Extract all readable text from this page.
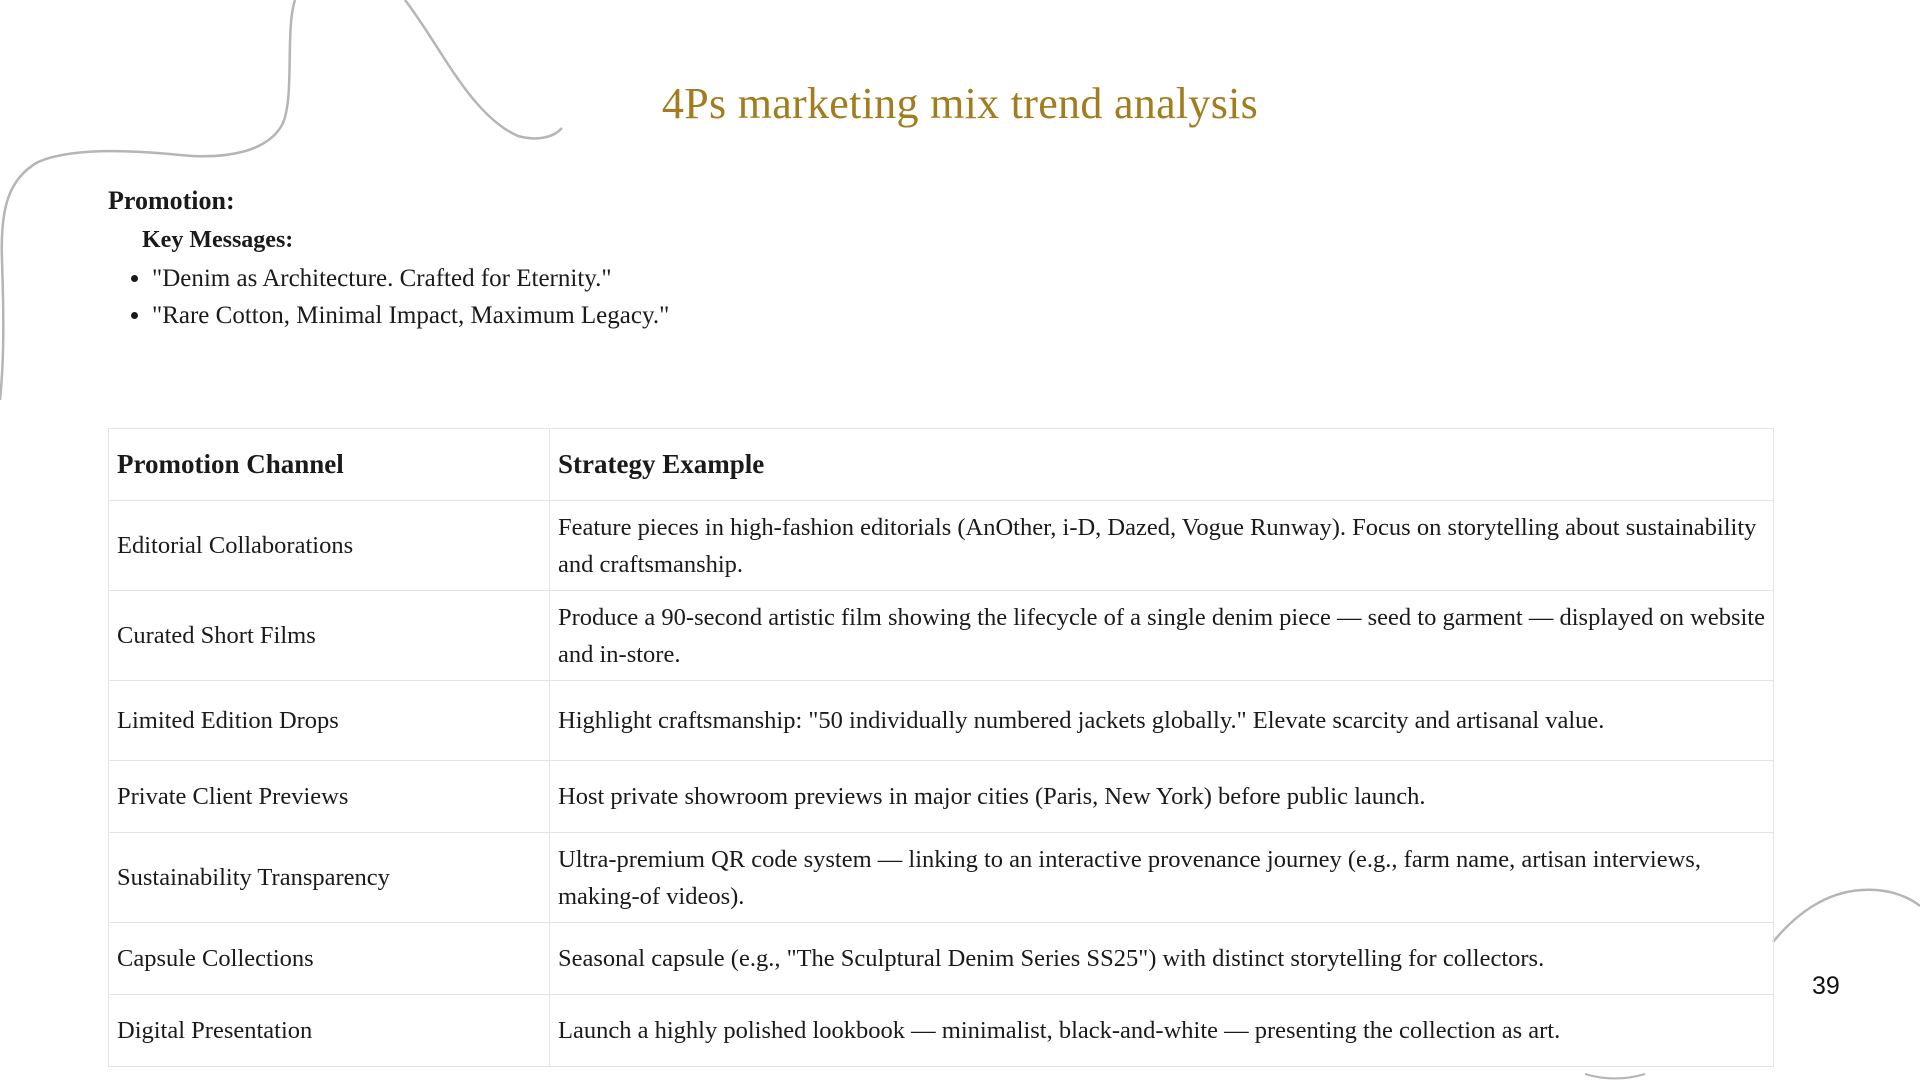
4Ps marketing mix trend analysis
Promotion:
Key Messages:
• "Denim as Architecture. Crafted for Eternity."
• "Rare Cotton, Minimal Impact, Maximum Legacy."
Promotion Channel	Strategy Example
Editorial Collaborations	Feature pieces in high-fashion editorials (AnOther, i-D, Dazed, Vogue Runway). Focus on storytelling about sustainability and craftsmanship.
Curated Short Films	Produce a 90-second artistic film showing the lifecycle of a single denim piece — seed to garment — displayed on website and in-store.
Limited Edition Drops	Highlight craftsmanship: "50 individually numbered jackets globally." Elevate scarcity and artisanal value.
Private Client Previews	Host private showroom previews in major cities (Paris, New York) before public launch.
Sustainability Transparency	Ultra-premium QR code system — linking to an interactive provenance journey (e.g., farm name, artisan interviews, making-of videos).
Capsule Collections	Seasonal capsule (e.g., "The Sculptural Denim Series SS25") with distinct storytelling for collectors.
Digital Presentation	Launch a highly polished lookbook — minimalist, black-and-white — presenting the collection as art.
39
